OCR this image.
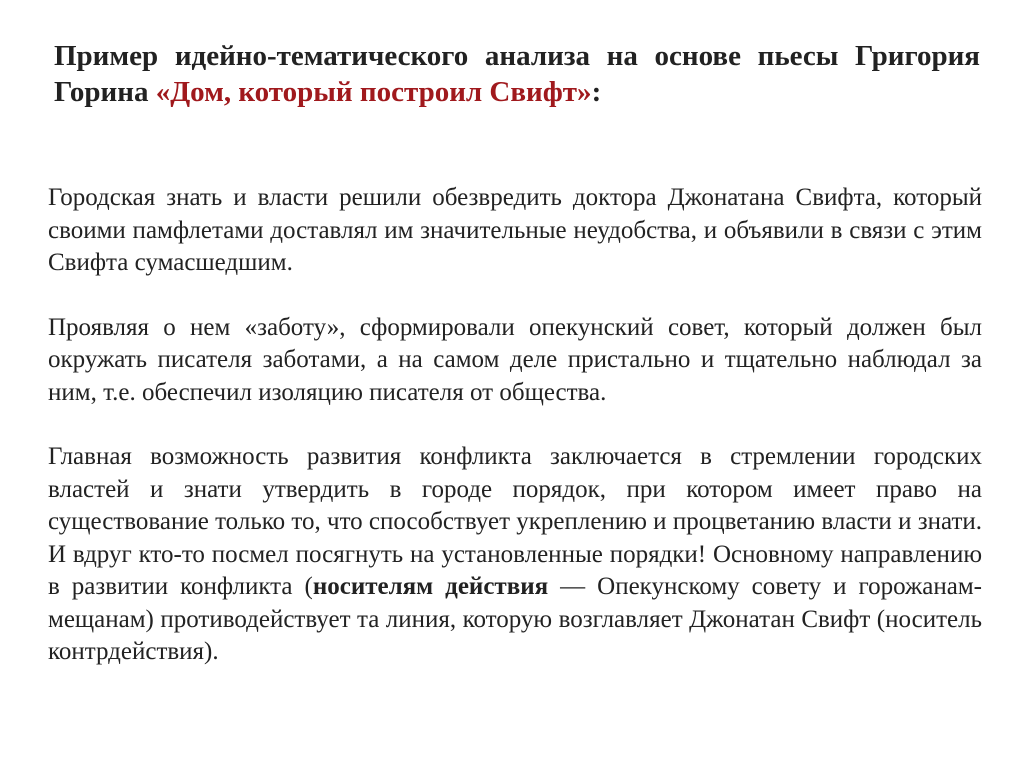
Пример идейно-тематического анализа на основе пьесы Григория Горина «Дом, который построил Свифт»:

Городская знать и власти решили обезвредить доктора Джонатана Свифта, который своими памфлетами доставлял им значительные неудобства, и объявили в связи с этим Свифта сумасшедшим.

Проявляя о нем «заботу», сформировали опекунский совет, который должен был окружать писателя заботами, а на самом деле пристально и тщательно наблюдал за ним, т.е. обеспечил изоляцию писателя от общества.

Главная возможность развития конфликта заключается в стремлении городских властей и знати утвердить в городе порядок, при котором имеет право на существование только то, что способствует укреплению и процветанию власти и знати. И вдруг кто-то посмел посягнуть на установленные порядки! Основному направлению в развитии конфликта (носителям действия — Опекунскому совету и горожанам-мещанам) противодействует та линия, которую возглавляет Джонатан Свифт (носитель контрдействия).
